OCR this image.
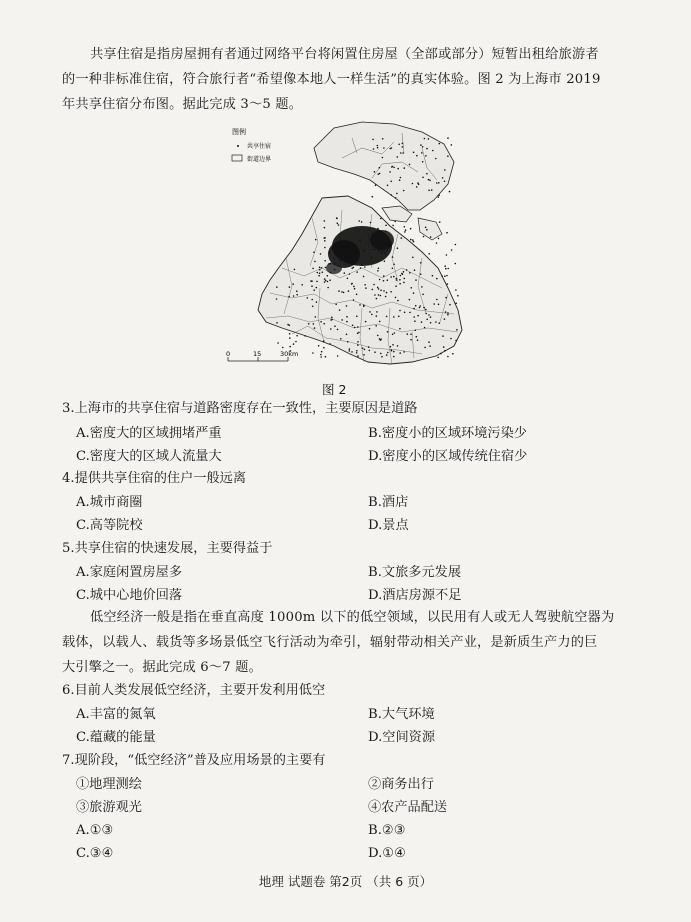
共享住宿是指房屋拥有者通过网络平台将闲置住房屋（全部或部分）短暂出租给旅游者
的一种非标准住宿，符合旅行者“希望像本地人一样生活”的真实体验。图 2 为上海市 2019
年共享住宿分布图。据此完成 3～5 题。
图例
共享住宿
街道边界
0	15	30km
图 2
3.上海市的共享住宿与道路密度存在一致性，主要原因是道路
A.密度大的区域拥堵严重	B.密度小的区域环境污染少
C.密度大的区域人流量大	D.密度小的区域传统住宿少
4.提供共享住宿的住户一般远离
A.城市商圈	B.酒店
C.高等院校	D.景点
5.共享住宿的快速发展，主要得益于
A.家庭闲置房屋多	B.文旅多元发展
C.城中心地价回落	D.酒店房源不足
低空经济一般是指在垂直高度 1000m 以下的低空领域，以民用有人或无人驾驶航空器为
载体，以载人、载货等多场景低空飞行活动为牵引，辐射带动相关产业，是新质生产力的巨
大引擎之一。据此完成 6～7 题。
6.目前人类发展低空经济，主要开发利用低空
A.丰富的氮氧	B.大气环境
C.蕴藏的能量	D.空间资源
7.现阶段，“低空经济”普及应用场景的主要有
①地理测绘	②商务出行
③旅游观光	④农产品配送
A.①③	B.②③
C.③④	D.①④
地理 试题卷 第2页 （共 6 页）
